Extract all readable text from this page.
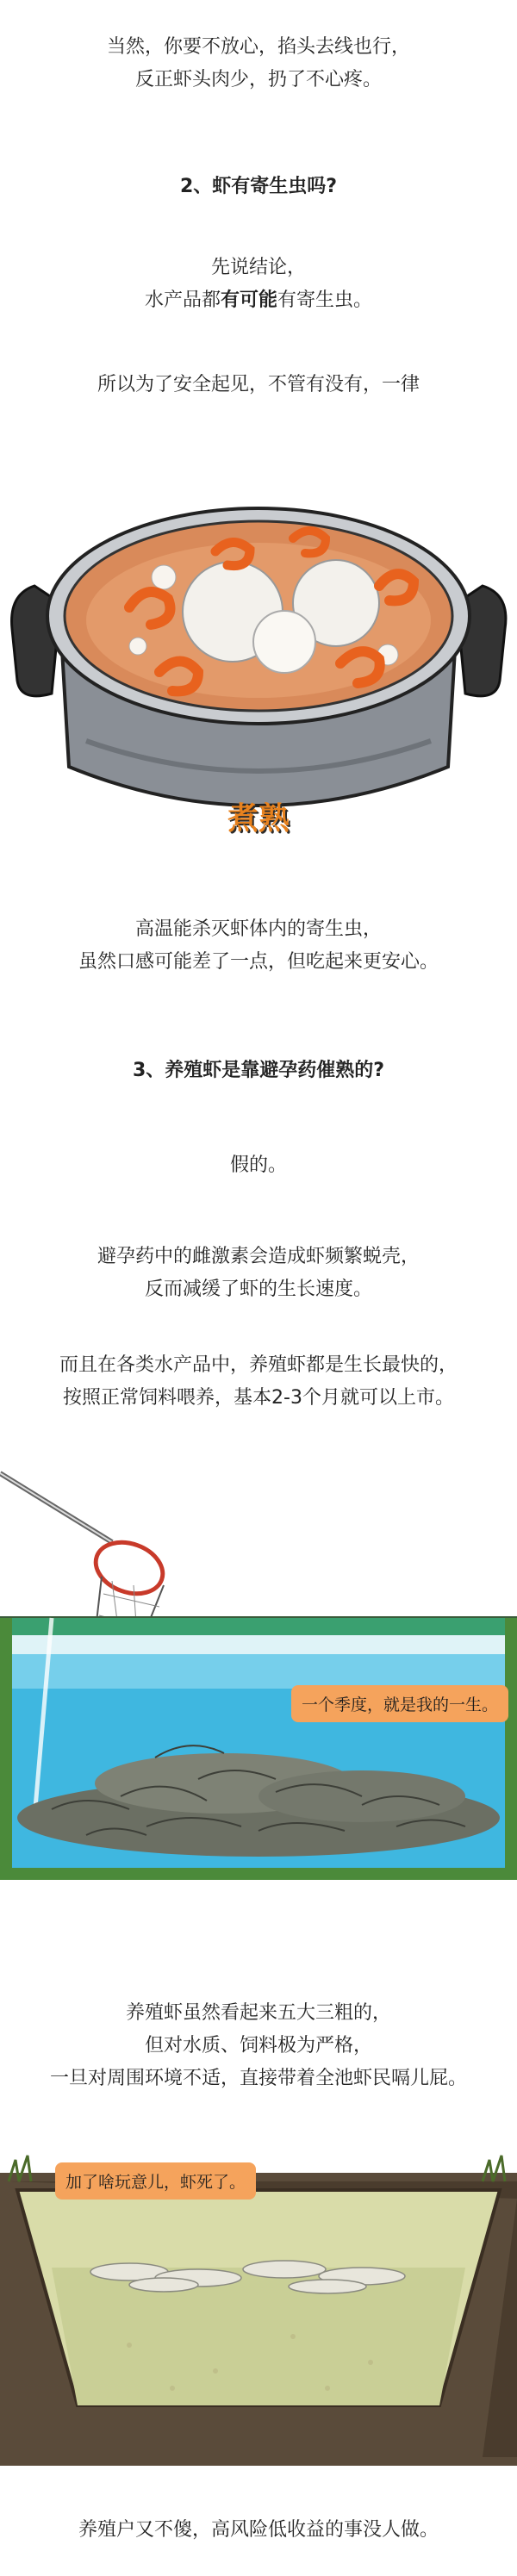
当然，你要不放心，掐头去线也行，
反正虾头肉少，扔了不心疼。
2、虾有寄生虫吗?
先说结论，
水产品都有可能有寄生虫。
所以为了安全起见，不管有没有，一律
煮熟
高温能杀灭虾体内的寄生虫，
虽然口感可能差了一点，但吃起来更安心。
3、养殖虾是靠避孕药催熟的?
假的。
避孕药中的雌激素会造成虾频繁蜕壳，
反而减缓了虾的生长速度。
而且在各类水产品中，养殖虾都是生长最快的，
按照正常饲料喂养，基本2-3个月就可以上市。
一个季度，就是我的一生。
养殖虾虽然看起来五大三粗的，
但对水质、饲料极为严格，
一旦对周围环境不适，直接带着全池虾民嗝儿屁。
加了啥玩意儿，虾死了。
养殖户又不傻，高风险低收益的事没人做。
